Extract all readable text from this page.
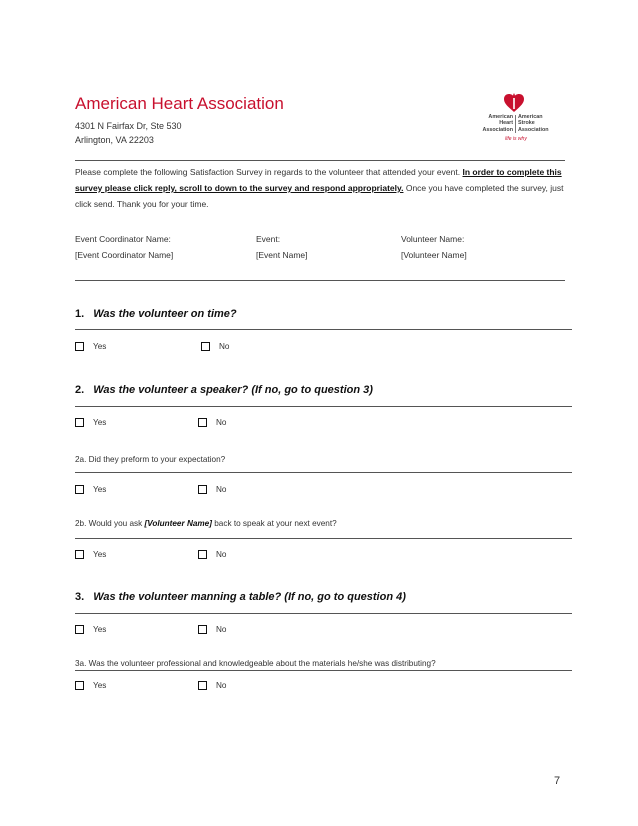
American Heart Association
4301 N Fairfax Dr, Ste 530
Arlington, VA 22203
American
Heart
Association
American
Stroke
Association
life is why
Please complete the following Satisfaction Survey in regards to the volunteer that attended your event. In order to complete this survey please click reply, scroll to down to the survey and respond appropriately. Once you have completed the survey, just click send. Thank you for your time.
Event Coordinator Name:
[Event Coordinator Name]
Event:
[Event Name]
Volunteer Name:
[Volunteer Name]
1. Was the volunteer on time?
Yes	No
2. Was the volunteer a speaker? (If no, go to question 3)
Yes	No
2a. Did they preform to your expectation?
Yes	No
2b. Would you ask [Volunteer Name] back to speak at your next event?
Yes	No
3. Was the volunteer manning a table? (If no, go to question 4)
Yes	No
3a. Was the volunteer professional and knowledgeable about the materials he/she was distributing?
Yes	No
7
